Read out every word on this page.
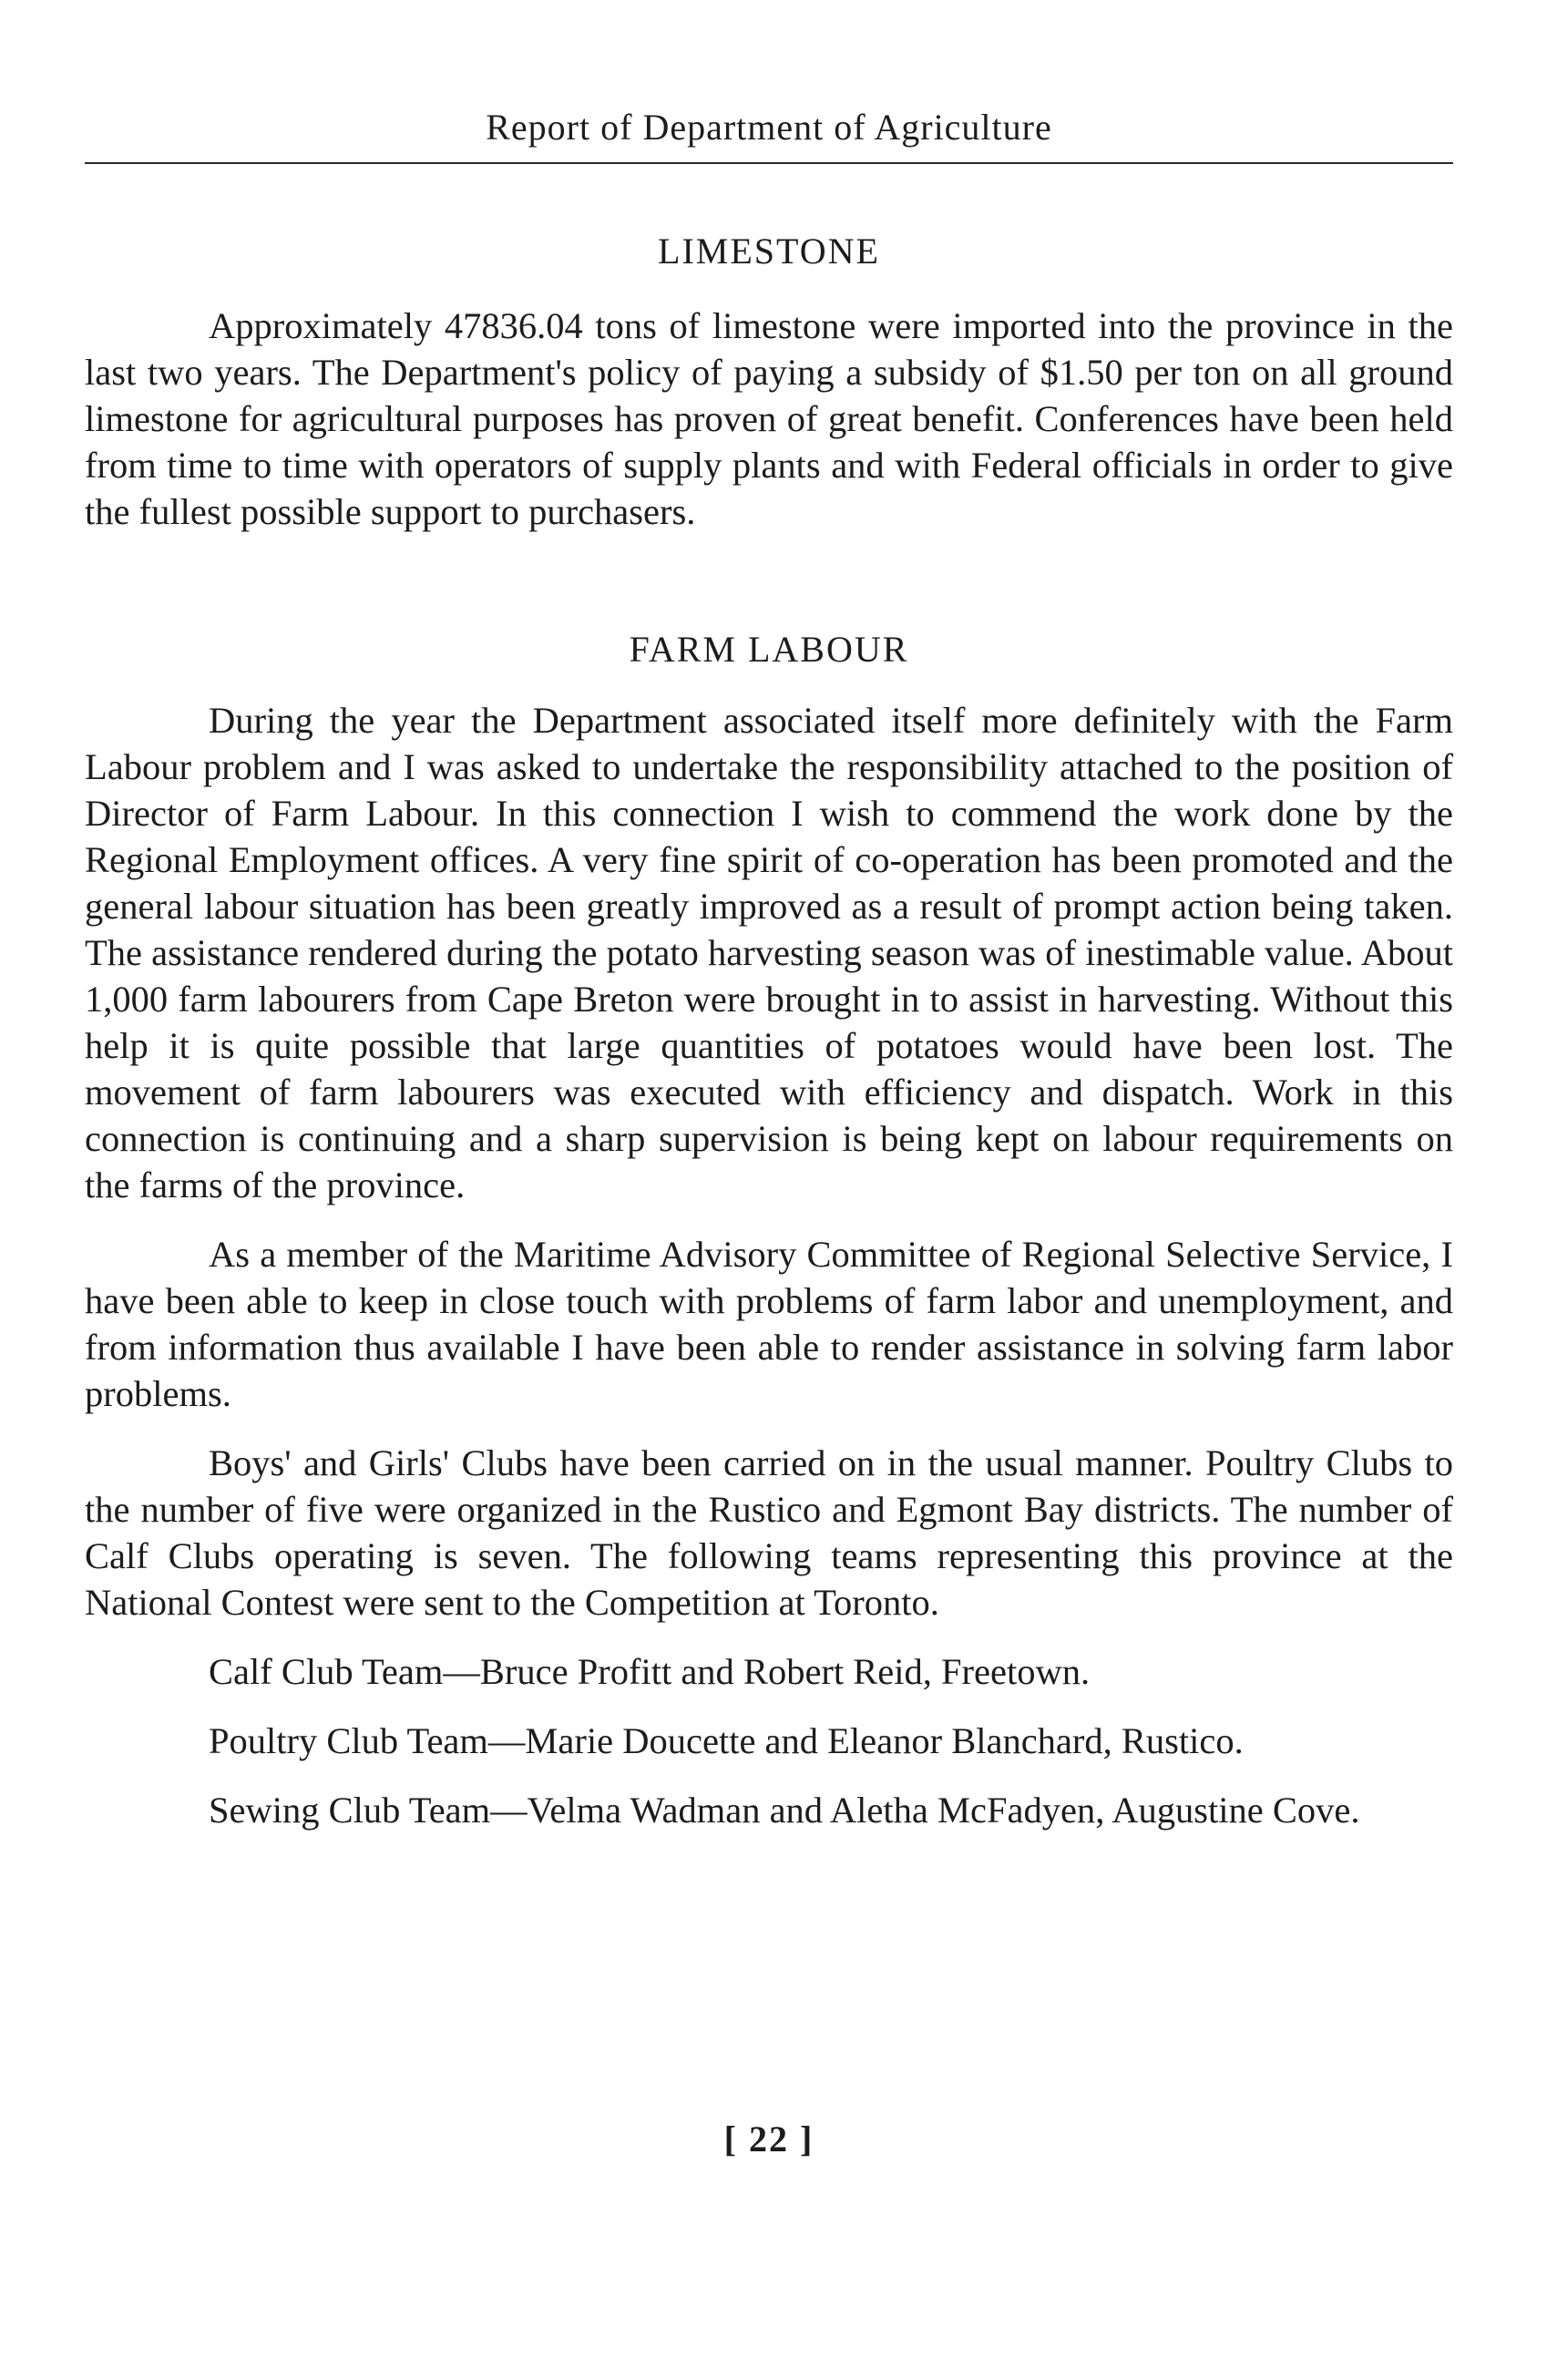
Report of Department of Agriculture
LIMESTONE

Approximately 47836.04 tons of limestone were imported into the province in the last two years. The Department's policy of paying a subsidy of $1.50 per ton on all ground limestone for agricultural purposes has proven of great benefit. Conferences have been held from time to time with operators of supply plants and with Federal officials in order to give the fullest possible support to purchasers.

FARM LABOUR

During the year the Department associated itself more definitely with the Farm Labour problem and I was asked to undertake the responsibility attached to the position of Director of Farm Labour. In this connection I wish to commend the work done by the Regional Employment offices. A very fine spirit of co-operation has been promoted and the general labour situation has been greatly improved as a result of prompt action being taken. The assistance rendered during the potato harvesting season was of inestimable value. About 1,000 farm labourers from Cape Breton were brought in to assist in harvesting. Without this help it is quite possible that large quantities of potatoes would have been lost. The movement of farm labourers was executed with efficiency and dispatch. Work in this connection is continuing and a sharp supervision is being kept on labour requirements on the farms of the province.

As a member of the Maritime Advisory Committee of Regional Selective Service, I have been able to keep in close touch with problems of farm labor and unemployment, and from information thus available I have been able to render assistance in solving farm labor problems.

Boys' and Girls' Clubs have been carried on in the usual manner. Poultry Clubs to the number of five were organized in the Rustico and Egmont Bay districts. The number of Calf Clubs operating is seven. The following teams representing this province at the National Contest were sent to the Competition at Toronto.

Calf Club Team—Bruce Profitt and Robert Reid, Freetown.

Poultry Club Team—Marie Doucette and Eleanor Blanchard, Rustico.

Sewing Club Team—Velma Wadman and Aletha McFadyen, Augustine Cove.

[ 22 ]
